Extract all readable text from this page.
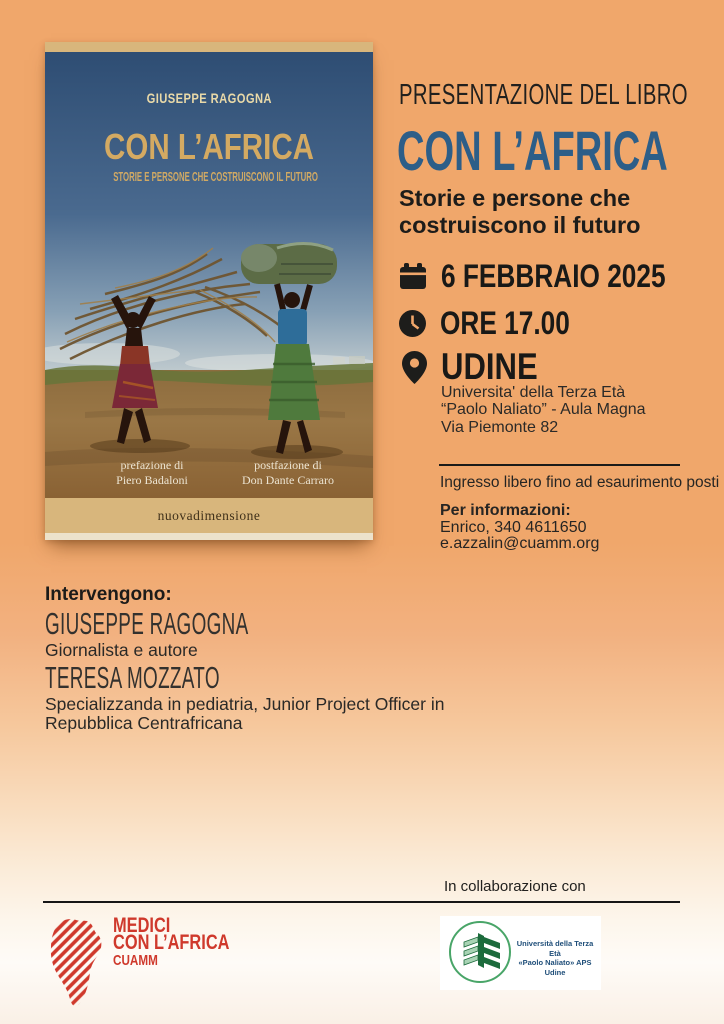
GIUSEPPE RAGOGNA
CON L’AFRICA
STORIE E PERSONE CHE COSTRUISCONO IL FUTURO
prefazione di
Piero Badaloni
postfazione di
Don Dante Carraro
nuovadimensione
PRESENTAZIONE DEL LIBRO
CON L’AFRICA
Storie e persone che
costruiscono il futuro
6 FEBBRAIO 2025
ORE 17.00
UDINE
Universita' della Terza Età
“Paolo Naliato” - Aula Magna
Via Piemonte 82
Ingresso libero fino ad esaurimento posti
Per informazioni:
Enrico, 340 4611650
e.azzalin@cuamm.org
Intervengono:
GIUSEPPE RAGOGNA
Giornalista e autore
TERESA MOZZATO
Specializzanda in pediatria, Junior Project Officer in Repubblica Centrafricana
In collaborazione con
MEDICI
CON L’AFRICA
CUAMM
Università della Terza Età
«Paolo Naliato» APS
Udine
